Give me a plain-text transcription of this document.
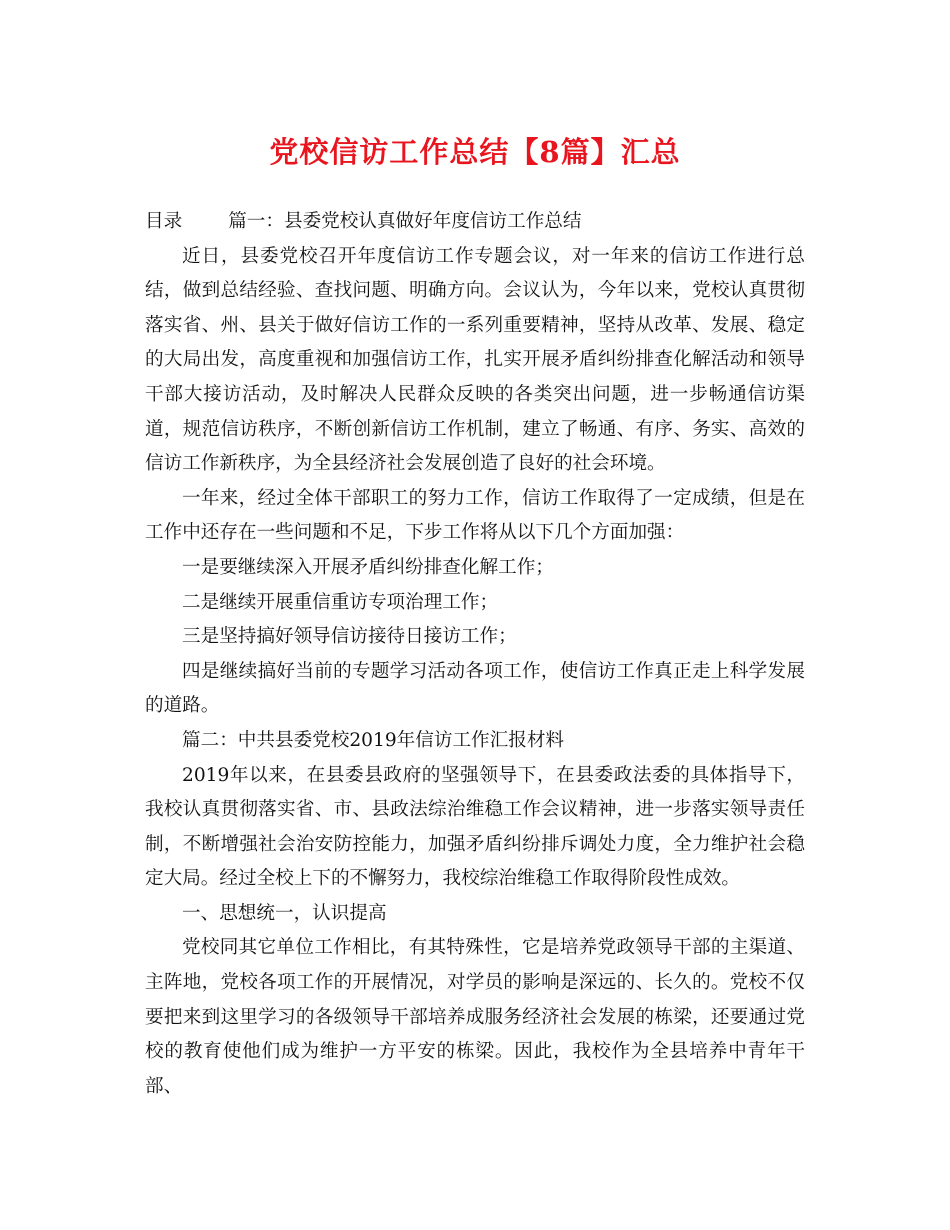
党校信访工作总结【8篇】汇总

目录 篇一：县委党校认真做好年度信访工作总结

近日，县委党校召开年度信访工作专题会议，对一年来的信访工作进行总结，做到总结经验、查找问题、明确方向。会议认为，今年以来，党校认真贯彻落实省、州、县关于做好信访工作的一系列重要精神，坚持从改革、发展、稳定的大局出发，高度重视和加强信访工作，扎实开展矛盾纠纷排查化解活动和领导干部大接访活动，及时解决人民群众反映的各类突出问题，进一步畅通信访渠道，规范信访秩序，不断创新信访工作机制，建立了畅通、有序、务实、高效的信访工作新秩序，为全县经济社会发展创造了良好的社会环境。

一年来，经过全体干部职工的努力工作，信访工作取得了一定成绩，但是在工作中还存在一些问题和不足，下步工作将从以下几个方面加强：

一是要继续深入开展矛盾纠纷排查化解工作；

二是继续开展重信重访专项治理工作；

三是坚持搞好领导信访接待日接访工作；

四是继续搞好当前的专题学习活动各项工作，使信访工作真正走上科学发展的道路。

篇二：中共县委党校2019年信访工作汇报材料

2019年以来，在县委县政府的坚强领导下，在县委政法委的具体指导下，我校认真贯彻落实省、市、县政法综治维稳工作会议精神，进一步落实领导责任制，不断增强社会治安防控能力，加强矛盾纠纷排斥调处力度，全力维护社会稳定大局。经过全校上下的不懈努力，我校综治维稳工作取得阶段性成效。

一、思想统一，认识提高

党校同其它单位工作相比，有其特殊性，它是培养党政领导干部的主渠道、主阵地，党校各项工作的开展情况，对学员的影响是深远的、长久的。党校不仅要把来到这里学习的各级领导干部培养成服务经济社会发展的栋梁，还要通过党校的教育使他们成为维护一方平安的栋梁。因此，我校作为全县培养中青年干部、
